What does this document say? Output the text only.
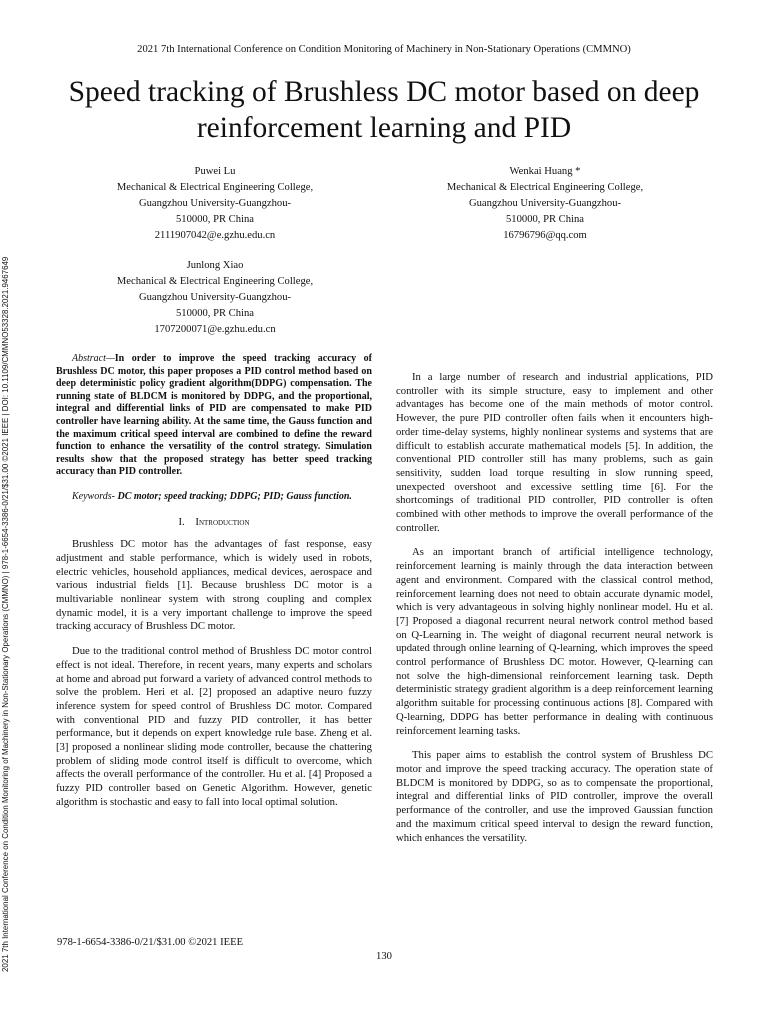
2021 7th International Conference on Condition Monitoring of Machinery in Non-Stationary Operations (CMMNO)
2021 7th International Conference on Condition Monitoring of Machinery in Non-Stationary Operations (CMMNO) | 978-1-6654-3386-0/21/$31.00 ©2021 IEEE | DOI: 10.1109/CMMNO53328.2021.9467649
Speed tracking of Brushless DC motor based on deep
reinforcement learning and PID
Puwei Lu
Mechanical & Electrical Engineering College,
Guangzhou University-Guangzhou-
510000, PR China
2111907042@e.gzhu.edu.cn
Wenkai Huang *
Mechanical & Electrical Engineering College,
Guangzhou University-Guangzhou-
510000, PR China
16796796@qq.com
Junlong Xiao
Mechanical & Electrical Engineering College,
Guangzhou University-Guangzhou-
510000, PR China
1707200071@e.gzhu.edu.cn

Abstract—In order to improve the speed tracking accuracy of Brushless DC motor, this paper proposes a PID control method based on deep deterministic policy gradient algorithm(DDPG) compensation. The running state of BLDCM is monitored by DDPG, and the proportional, integral and differential links of PID are compensated to make PID controller have learning ability. At the same time, the Gauss function and the maximum critical speed interval are combined to define the reward function to enhance the versatility of the control strategy. Simulation results show that the proposed strategy has better speed tracking accuracy than PID controller.

Keywords- DC motor; speed tracking; DDPG; PID; Gauss function.

I. Introduction

Brushless DC motor has the advantages of fast response, easy adjustment and stable performance, which is widely used in robots, electric vehicles, household appliances, medical devices, aerospace and various industrial fields [1]. Because brushless DC motor is a multivariable nonlinear system with strong coupling and complex dynamic model, it is a very important challenge to improve the speed tracking accuracy of Brushless DC motor.

Due to the traditional control method of Brushless DC motor control effect is not ideal. Therefore, in recent years, many experts and scholars at home and abroad put forward a variety of advanced control methods to solve the problem. Heri et al. [2] proposed an adaptive neuro fuzzy inference system for speed control of Brushless DC motor. Compared with conventional PID and fuzzy PID controller, it has better performance, but it depends on expert knowledge rule base. Zheng et al. [3] proposed a nonlinear sliding mode controller, because the chattering problem of sliding mode control itself is difficult to overcome, which affects the overall performance of the controller. Hu et al. [4] Proposed a fuzzy PID controller based on Genetic Algorithm. However, genetic algorithm is stochastic and easy to fall into local optimal solution.

In a large number of research and industrial applications, PID controller with its simple structure, easy to implement and other advantages has become one of the main methods of motor control. However, the pure PID controller often fails when it encounters high-order time-delay systems, highly nonlinear systems and systems that are difficult to establish accurate mathematical models [5]. In addition, the conventional PID controller still has many problems, such as gain sensitivity, sudden load torque resulting in slow running speed, unexpected overshoot and excessive settling time [6]. For the shortcomings of traditional PID controller, PID controller is often combined with other methods to improve the overall performance of the controller.

As an important branch of artificial intelligence technology, reinforcement learning is mainly through the data interaction between agent and environment. Compared with the classical control method, reinforcement learning does not need to obtain accurate dynamic model, which is very advantageous in solving highly nonlinear model. Hu et al. [7] Proposed a diagonal recurrent neural network control method based on Q-Learning in. The weight of diagonal recurrent neural network is updated through online learning of Q-learning, which improves the speed control performance of Brushless DC motor. However, Q-learning can not solve the high-dimensional reinforcement learning task. Depth deterministic strategy gradient algorithm is a deep reinforcement learning algorithm suitable for processing continuous actions [8]. Compared with Q-learning, DDPG has better performance in dealing with continuous reinforcement learning tasks.

This paper aims to establish the control system of Brushless DC motor and improve the speed tracking accuracy. The operation state of BLDCM is monitored by DDPG, so as to compensate the proportional, integral and differential links of PID controller, improve the overall performance of the controller, and use the improved Gaussian function and the maximum critical speed interval to design the reward function, which enhances the versatility.

978-1-6654-3386-0/21/$31.00 ©2021 IEEE
130
